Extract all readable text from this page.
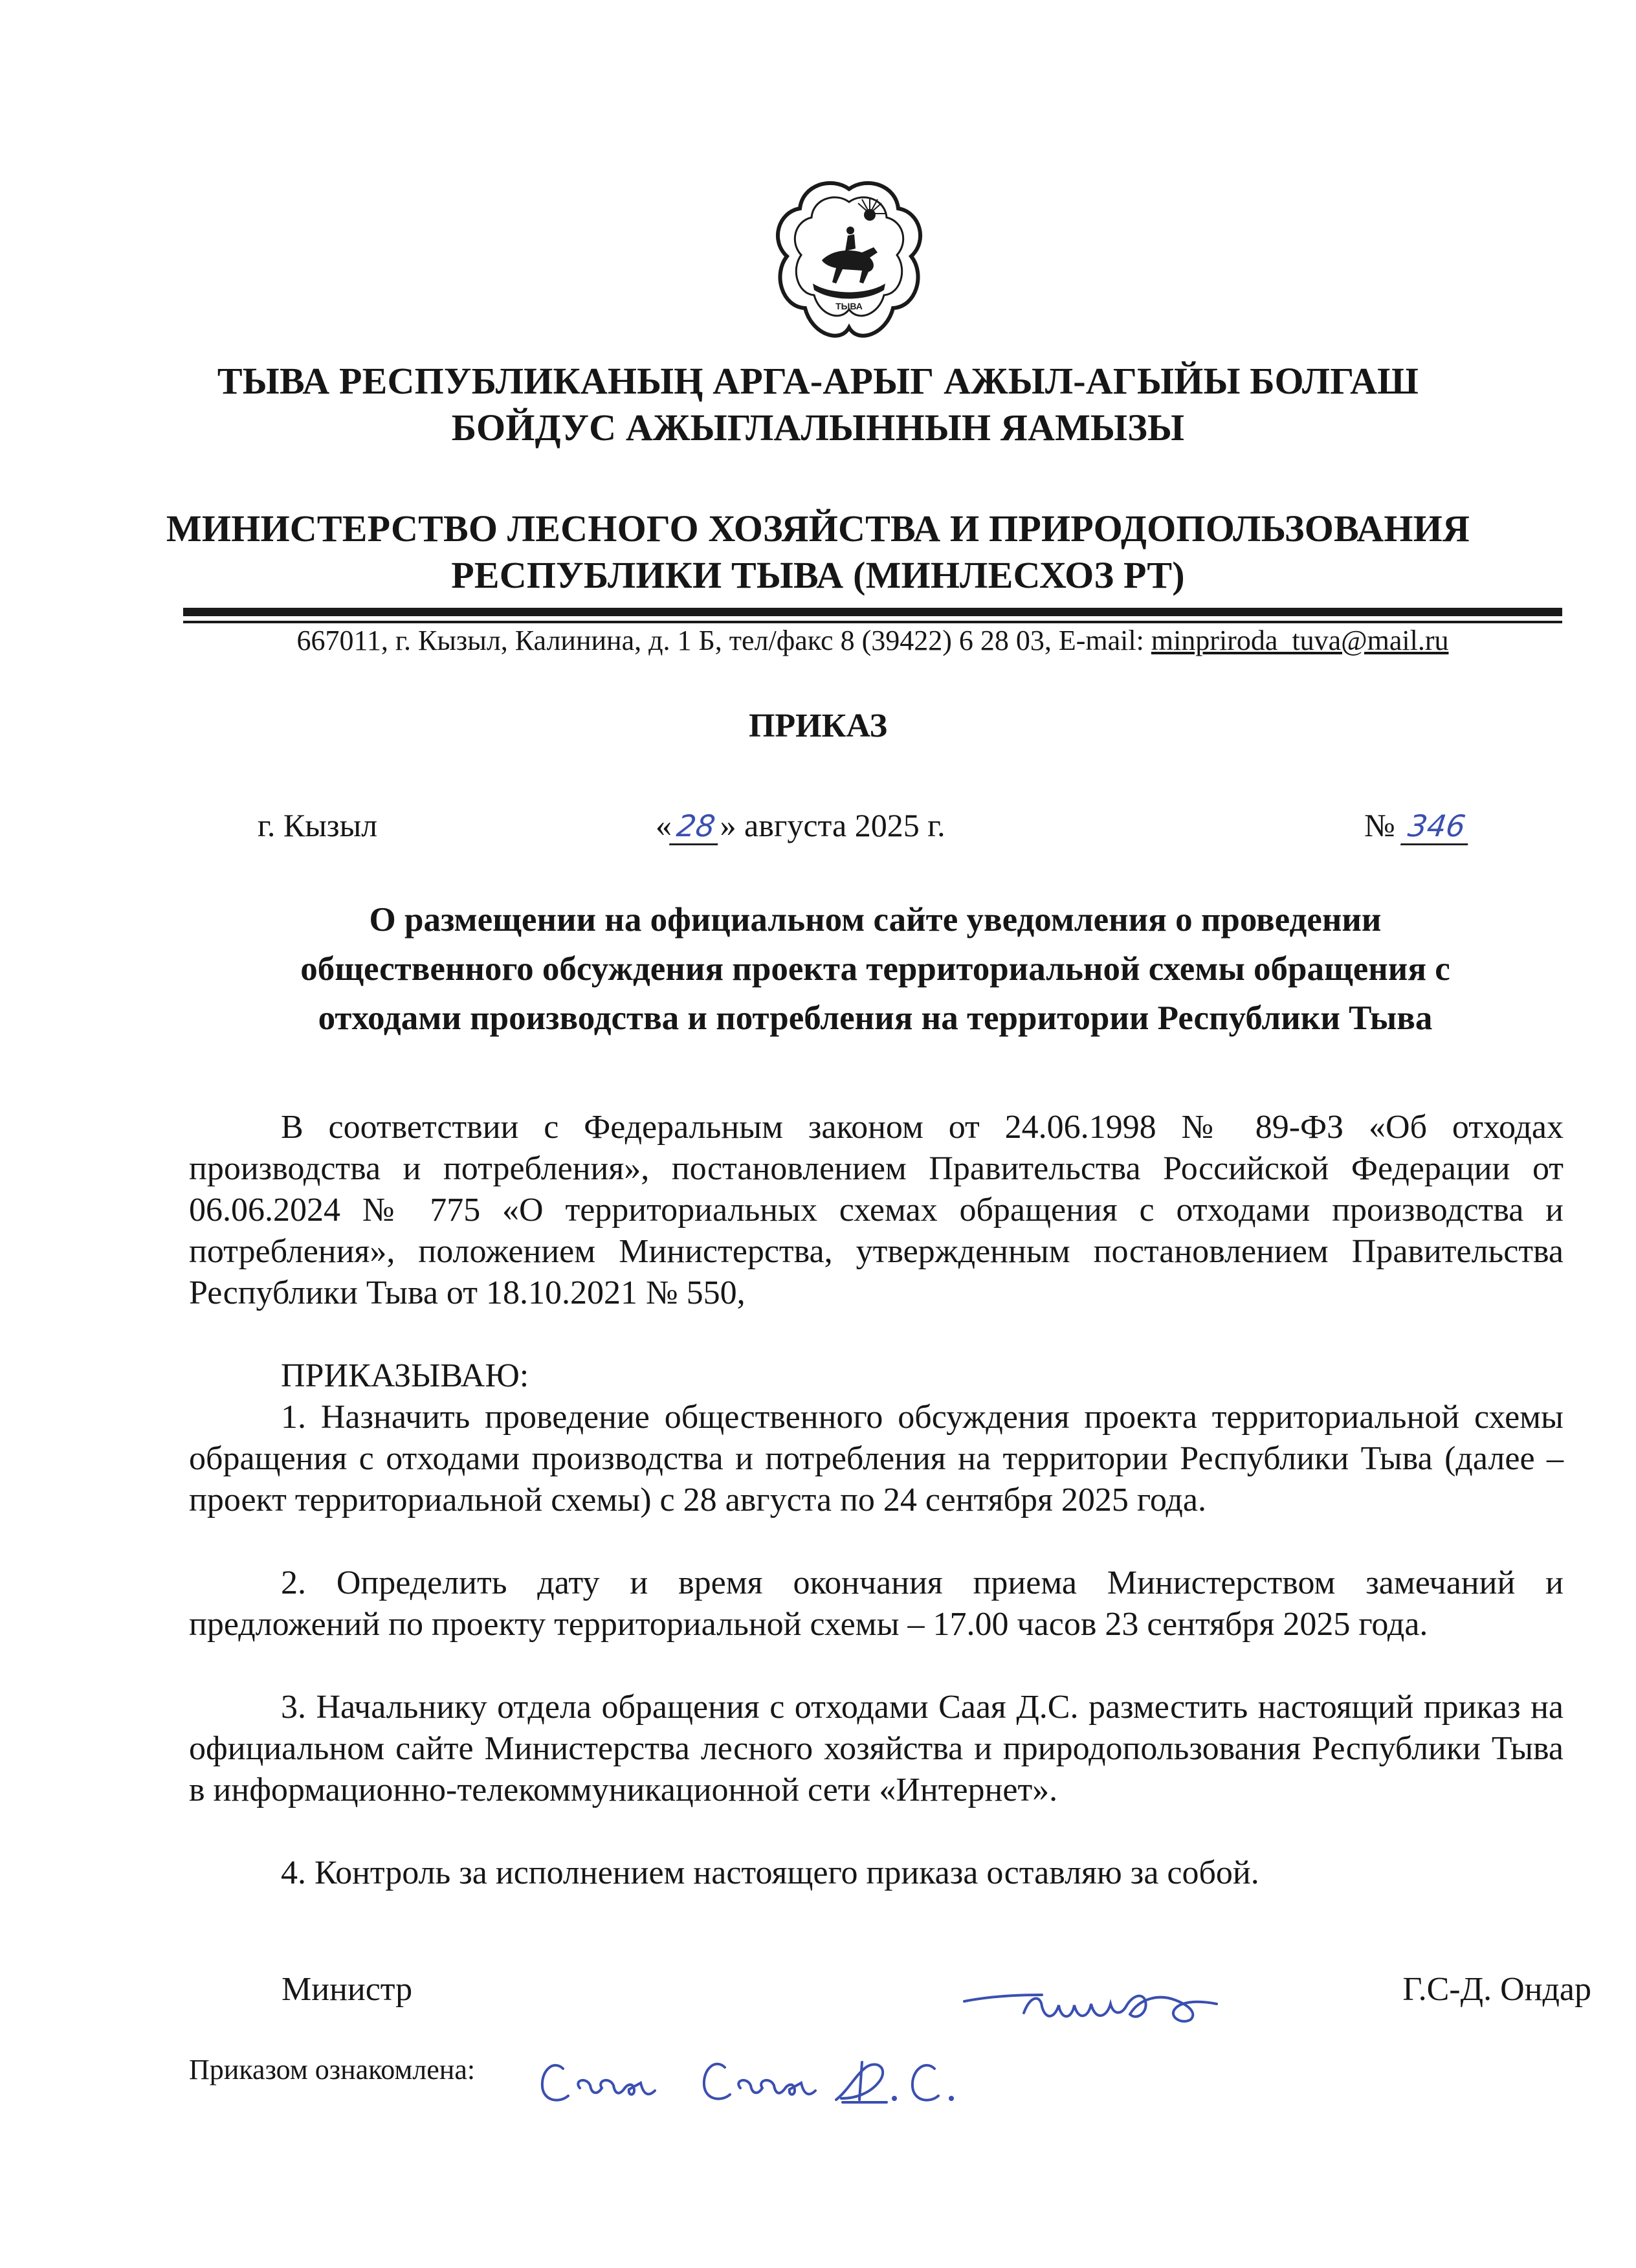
ТЫВА
ТЫВА РЕСПУБЛИКАНЫҢ АРГА-АРЫГ АЖЫЛ-АГЫЙЫ БОЛГАШ
БОЙДУС АЖЫГЛАЛЫННЫН ЯАМЫЗЫ
МИНИСТЕРСТВО ЛЕСНОГО ХОЗЯЙСТВА И ПРИРОДОПОЛЬЗОВАНИЯ
РЕСПУБЛИКИ ТЫВА (МИНЛЕСХОЗ РТ)
667011, г. Кызыл, Калинина, д. 1 Б, тел/факс 8 (39422) 6 28 03, E-mail: minpriroda_tuva@mail.ru
ПРИКАЗ
г. Кызыл	«28» августа 2025 г.	№ 346
О размещении на официальном сайте уведомления о проведении
общественного обсуждения проекта территориальной схемы обращения с
отходами производства и потребления на территории Республики Тыва
В соответствии с Федеральным законом от 24.06.1998 № 89-ФЗ «Об отходах производства и потребления», постановлением Правительства Российской Федерации от 06.06.2024 № 775 «О территориальных схемах обращения с отходами производства и потребления», положением Министерства, утвержденным постановлением Правительства Республики Тыва от 18.10.2021 № 550,
ПРИКАЗЫВАЮ:
1. Назначить проведение общественного обсуждения проекта территориальной схемы обращения с отходами производства и потребления на территории Республики Тыва (далее – проект территориальной схемы) с 28 августа по 24 сентября 2025 года.
2. Определить дату и время окончания приема Министерством замечаний и предложений по проекту территориальной схемы – 17.00 часов 23 сентября 2025 года.
3. Начальнику отдела обращения с отходами Саая Д.С. разместить настоящий приказ на официальном сайте Министерства лесного хозяйства и природопользования Республики Тыва в информационно-телекоммуникационной сети «Интернет».
4. Контроль за исполнением настоящего приказа оставляю за собой.
Министр	Г.С-Д. Ондар
Приказом ознакомлена:
